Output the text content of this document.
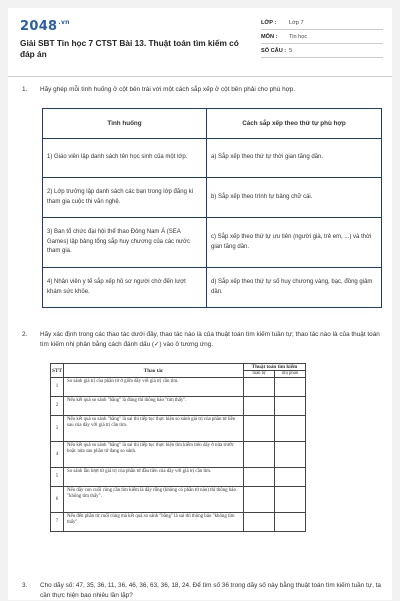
$2048^{.vn}$
Giải SBT Tin học 7 CTST Bài 13. Thuật toán tìm kiếm có đáp án
LỚP :	Lớp 7
MÔN :	Tin học
SỐ CÂU : 5
1. Hãy ghép mỗi tình huống ở cột bên trái với một cách sắp xếp ở cột bên phải cho phù hợp.
Tình huống	Cách sắp xếp theo thứ tự phù hợp
1) Giáo viên lập danh sách tên học sinh của một lớp.	a) Sắp xếp theo thứ tự thời gian tăng dần.
2) Lớp trưởng lập danh sách các bạn trong lớp đăng kí tham gia cuộc thi văn nghệ.	b) Sắp xếp theo trình tự bảng chữ cái.
3) Ban tổ chức đại hội thể thao Đông Nam Á (SEA Games) lập bảng tổng sắp huy chương của các nước tham gia.	c) Sắp xếp theo thứ tự ưu tiên (người già, trẻ em, ...) và thời gian tăng dần.
4) Nhân viên y tế sắp xếp hồ sơ người chờ đến lượt khám sức khỏe.	d) Sắp xếp theo thứ tự số huy chương vàng, bạc, đồng giảm dần.
2. Hãy xác định trong các thao tác dưới đây, thao tác nào là của thuật toán tìm kiếm tuần tự; thao tác nào là của thuật toán tìm kiếm nhị phân bằng cách đánh dấu (✓) vào ô tương ứng.
STT	Thao tác	Thuật toán tìm kiếm	
		tuần tự	nhị phân
1	So sánh giá trị của phần tử ở giữa dãy với giá trị cần tìm.		
2	Nếu kết quả so sánh "bằng" là đúng thì thông báo "tìm thấy".		
3	Nếu kết quả so sánh "bằng" là sai thì tiếp tục thực hiện so sánh giá trị của phần tử liền sau của dãy với giá trị cần tìm.		
4	Nếu kết quả so sánh "bằng" là sai thì tiếp tục thực hiện tìm kiếm trên dãy ở nửa trước hoặc nửa sau phần tử đang so sánh.		
5	So sánh lần lượt từ giá trị của phần tử đầu tiên của dãy với giá trị cần tìm.		
6	Nếu dãy con cuối cùng cần tìm kiếm là dãy rỗng (không có phần tử nào) thì thông báo "không tìm thấy".		
7	Nếu đến phần tử cuối cùng mà kết quả so sánh "bằng" là sai thì thông báo "không tìm thấy".		
3. Cho dãy số: 47, 35, 36, 11, 36, 46, 36, 63, 36, 18, 24. Để tìm số 36 trong dãy số này bằng thuật toán tìm kiếm tuần tự, ta cần thực hiện bao nhiêu lần lặp?
